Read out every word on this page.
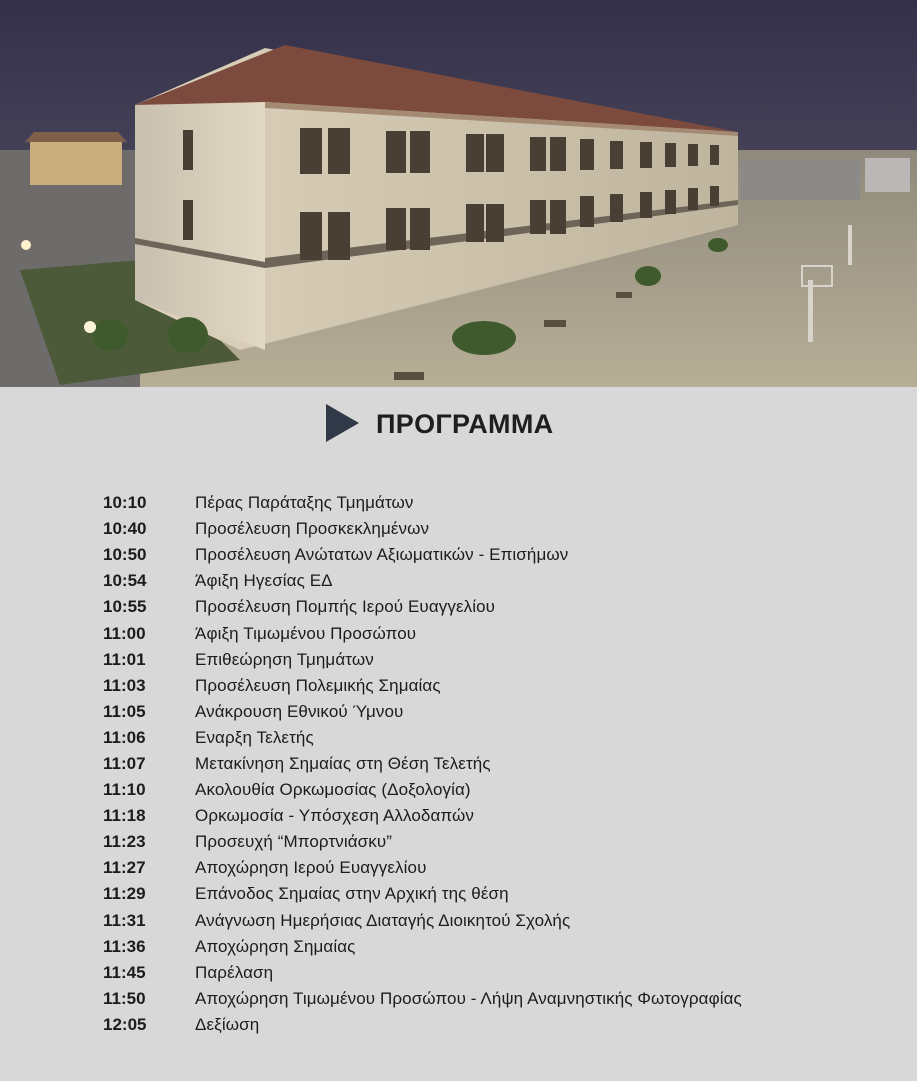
ΠΡΟΓΡΑΜΜΑ
10:10	Πέρας Παράταξης Τμημάτων
10:40	Προσέλευση Προσκεκλημένων
10:50	Προσέλευση Ανώτατων Αξιωματικών - Επισήμων
10:54	Άφιξη Ηγεσίας ΕΔ
10:55	Προσέλευση Πομπής Ιερού Ευαγγελίου
11:00	Άφιξη Τιμωμένου Προσώπου
11:01	Επιθεώρηση Τμημάτων
11:03	Προσέλευση Πολεμικής Σημαίας
11:05	Ανάκρουση Εθνικού Ύμνου
11:06	Εναρξη Τελετής
11:07	Μετακίνηση Σημαίας στη Θέση Τελετής
11:10	Ακολουθία Ορκωμοσίας (Δοξολογία)
11:18	Ορκωμοσία - Υπόσχεση Αλλοδαπών
11:23	Προσευχή “Μπορτνιάσκυ”
11:27	Αποχώρηση Ιερού Ευαγγελίου
11:29	Επάνοδος Σημαίας στην Αρχική της θέση
11:31	Ανάγνωση Ημερήσιας Διαταγής Διοικητού Σχολής
11:36	Αποχώρηση Σημαίας
11:45	Παρέλαση
11:50	Αποχώρηση Τιμωμένου Προσώπου - Λήψη Αναμνηστικής Φωτογραφίας
12:05	Δεξίωση
